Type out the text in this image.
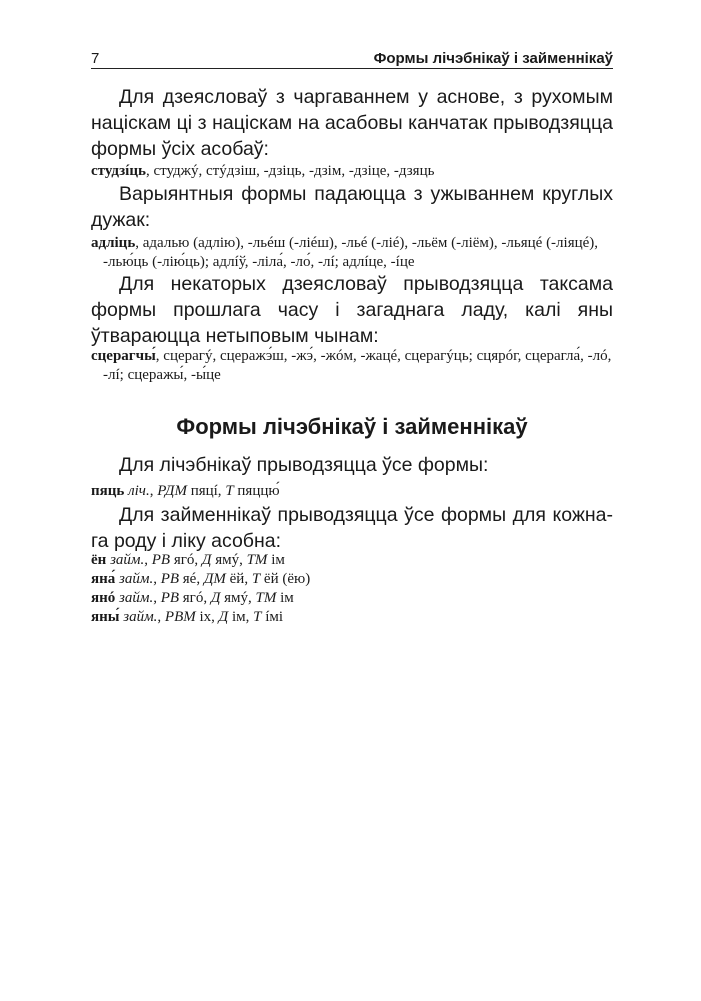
7	Формы лічэбнікаў і займеннікаў

Для дзеясловаў з чаргаваннем у аснове, з рухомым націскам ці з націскам на асабовы канчатак прыводзяцца формы ўсіх асобаў:

студзíць, студжý, стýдзіш, -дзіць, -дзім, -дзіце, -дзяць

Варыянтныя формы падаюцца з ужываннем круглых дужак:

адліць, адалью (адлію), -льéш (-ліéш), -льé (-ліé), -льём (-ліём), -льяцé (-ліяцé), -лью́ць (-лію́ць); адлíў, -ліла́, -ло́, -лí; адлíце, -íце

Для некаторых дзеясловаў прыводзяцца таксама формы прошлага часу і загаднага ладу, калі яны ўтвараюцца нетыповым чынам:

сцерагчы́, сцерагý, сцеражэ́ш, -жэ́, -жóм, -жацé, сцерагýць; сцярóг, сцерагла́, -лó, -лí; сцеражы́, -ы́це

Формы лічэбнікаў і займеннікаў

Для лічэбнікаў прыводзяцца ўсе формы:

пяць ліч., РДМ пяцí, Т пяццю́

Для займеннікаў прыводзяцца ўсе формы для кожнага роду і ліку асобна:

ён займ., РВ ягó, Д ямý, ТМ ім

яна́ займ., РВ яé, ДМ ёй, Т ёй (ёю)

янó займ., РВ ягó, Д ямý, ТМ ім

яны́ займ., РВМ іх, Д ім, Т íмі
